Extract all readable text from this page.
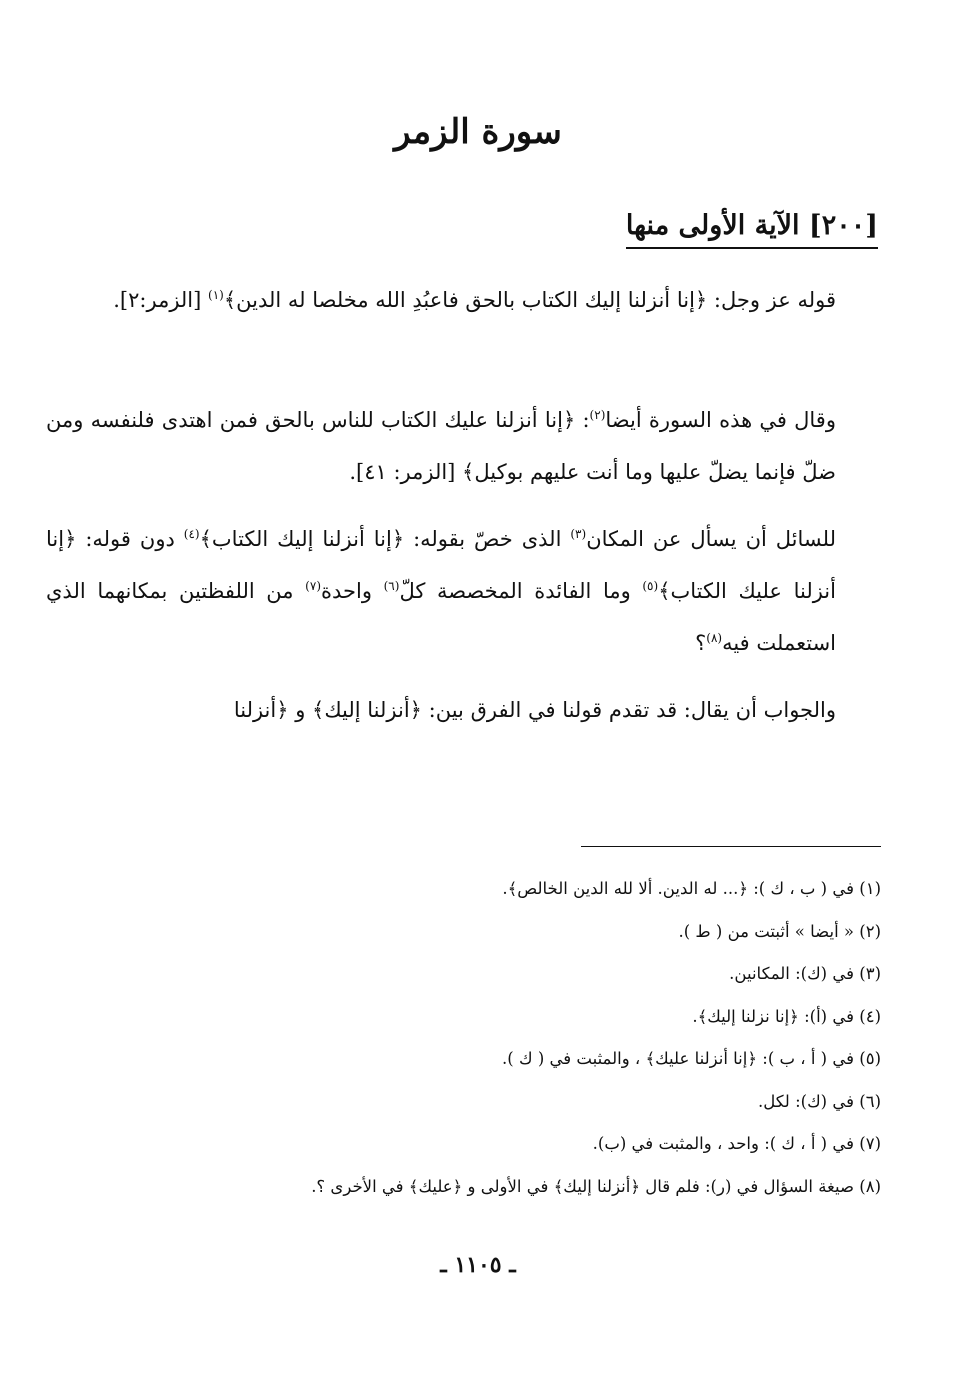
سورة الزمر
[٢٠٠] الآية الأولى منها
قوله عز وجل: ﴿إنا أنزلنا إليك الكتاب بالحق فاعبُدِ الله مخلصا له الدين﴾$^{(١)}$ [الزمر:٢].
وقال في هذه السورة أيضا$^{(٢)}$: ﴿إنا أنزلنا عليك الكتاب للناس بالحق فمن اهتدى فلنفسه ومن ضلّ فإنما يضلّ عليها وما أنت عليهم بوكيل﴾ [الزمر: ٤١].
للسائل أن يسأل عن المكان$^{(٣)}$ الذى خصّ بقوله: ﴿إنا أنزلنا إليك الكتاب﴾$^{(٤)}$ دون قوله: ﴿إنا أنزلنا عليك الكتاب﴾$^{(٥)}$ وما الفائدة المخصصة كلّ$^{(٦)}$ واحدة$^{(٧)}$ من اللفظتين بمكانهما الذي استعملت فيه$^{(٨)}$؟
والجواب أن يقال: قد تقدم قولنا في الفرق بين: ﴿أنزلنا إليك﴾ و ﴿أنزلنا
(١) في ( ب ، ك ): ﴿... له الدين. ألا لله الدين الخالص﴾.
(٢) « أيضا » أثبتت من ( ط ).
(٣) في (ك): المكانين.
(٤) في (أ): ﴿إنا نزلنا إليك﴾.
(٥) في ( أ ، ب ): ﴿إنا أنزلنا عليك﴾ ، والمثبت في ( ك ).
(٦) في (ك): لكل.
(٧) في ( أ ، ك ): واحد ، والمثبت في (ب).
(٨) صيغة السؤال في (ر): فلم قال ﴿أنزلنا إليك﴾ في الأولى و ﴿عليك﴾ في الأخرى ؟.
ـ ١١٠٥ ـ
